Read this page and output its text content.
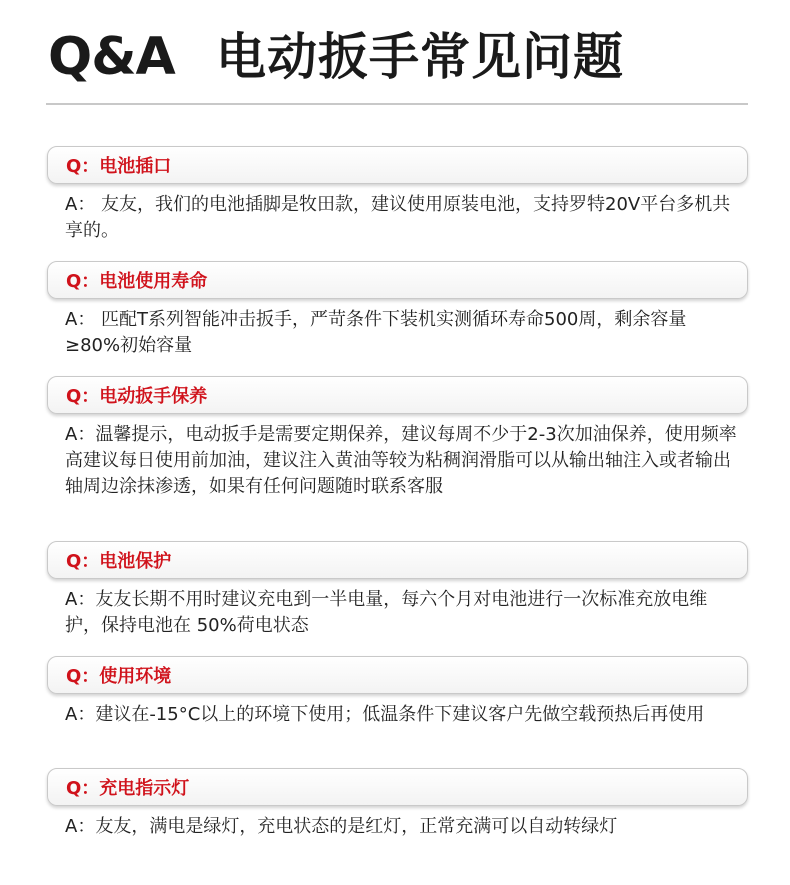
Q&A 电动扳手常见问题
Q：电池插口
A： 友友，我们的电池插脚是牧田款，建议使用原装电池，支持罗特20V平台多机共享的。
Q：电池使用寿命
A： 匹配T系列智能冲击扳手，严苛条件下装机实测循环寿命500周，剩余容量 ≥80%初始容量
Q：电动扳手保养
A：温馨提示，电动扳手是需要定期保养，建议每周不少于2-3次加油保养，使用频率高建议每日使用前加油，建议注入黄油等较为粘稠润滑脂可以从输出轴注入或者输出轴周边涂抹渗透，如果有任何问题随时联系客服
Q：电池保护
A：友友长期不用时建议充电到一半电量，每六个月对电池进行一次标准充放电维护，保持电池在 50%荷电状态
Q：使用环境
A：建议在-15°C以上的环境下使用；低温条件下建议客户先做空载预热后再使用
Q：充电指示灯
A：友友，满电是绿灯，充电状态的是红灯，正常充满可以自动转绿灯
